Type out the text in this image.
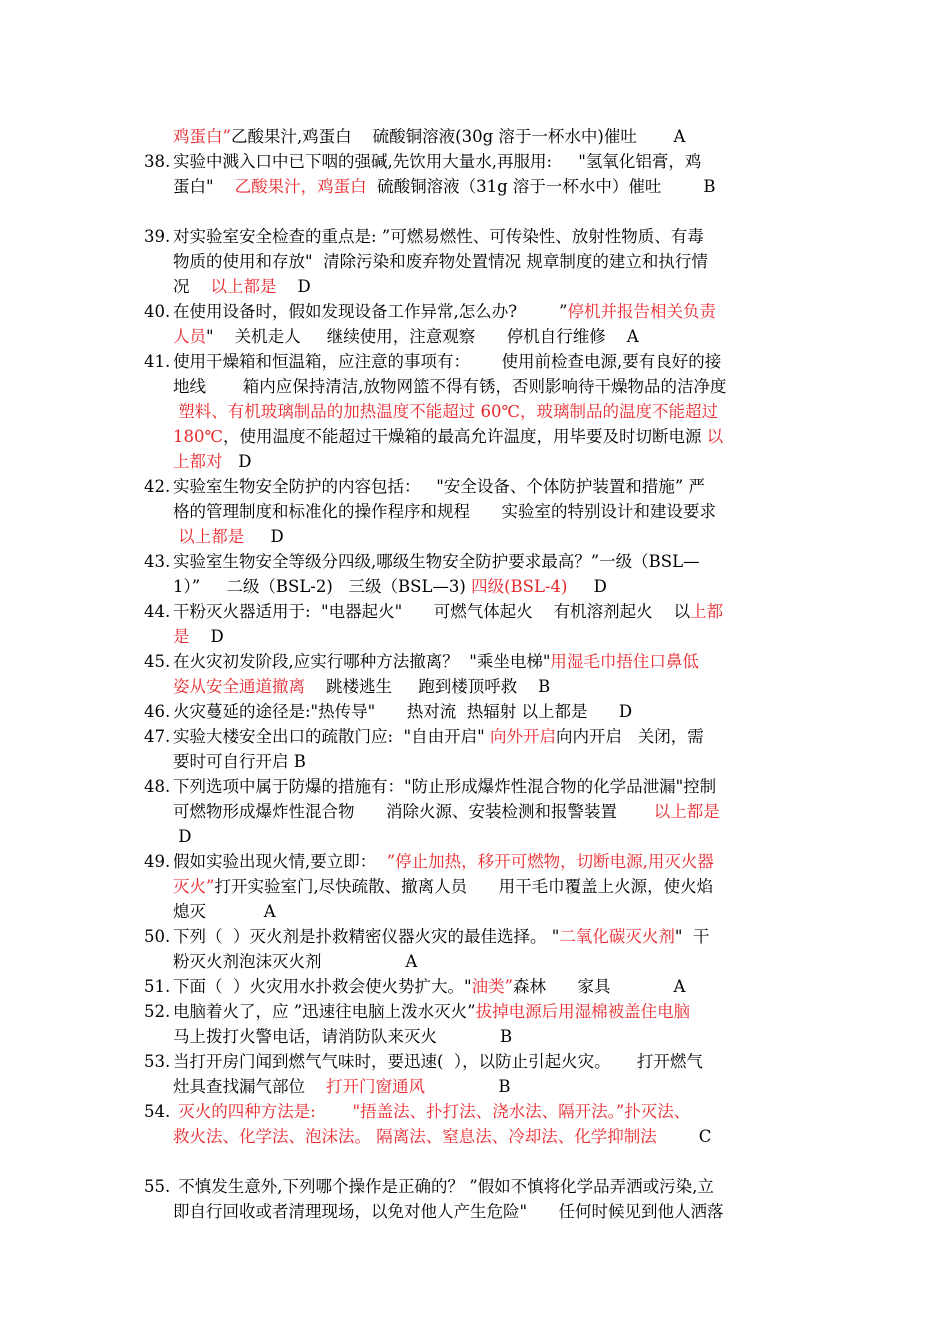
鸡蛋白”乙酸果汁,鸡蛋白    硫酸铜溶液(30g 溶于一杯水中)催吐       A
38. 实验中溅入口中已下咽的强碱,先饮用大量水,再服用:     "氢氧化铝膏，鸡
蛋白"    乙酸果汁，鸡蛋白  硫酸铜溶液（31g 溶于一杯水中）催吐        B
39. 对实验室安全检查的重点是: ”可燃易燃性、可传染性、放射性物质、有毒
物质的使用和存放"  清除污染和废弃物处置情况 规章制度的建立和执行情
况    以上都是    D
40. 在使用设备时，假如发现设备工作异常,怎么办?        ”停机并报告相关负责
人员"    关机走人     继续使用，注意观察      停机自行维修    A
41. 使用干燥箱和恒温箱，应注意的事项有：      使用前检查电源,要有良好的接
地线       箱内应保持清洁,放物网篮不得有锈，否则影响待干燥物品的洁净度
塑料、有机玻璃制品的加热温度不能超过 60℃，玻璃制品的温度不能超过
180℃，使用温度不能超过干燥箱的最高允许温度，用毕要及时切断电源 以
上都对   D
42. 实验室生物安全防护的内容包括：   "安全设备、个体防护装置和措施” 严
格的管理制度和标准化的操作程序和规程      实验室的特别设计和建设要求
以上都是     D
43. 实验室生物安全等级分四级,哪级生物安全防护要求最高？”一级（BSL—
1）”     二级（BSL-2)   三级（BSL—3) 四级(BSL-4)     D
44. 干粉灭火器适用于:  "电器起火"      可燃气体起火    有机溶剂起火    以上都
是    D
45. 在火灾初发阶段,应实行哪种方法撤离？  "乘坐电梯"用湿毛巾捂住口鼻低
姿从安全通道撤离    跳楼逃生     跑到楼顶呼救    B
46. 火灾蔓延的途径是:"热传导"      热对流  热辐射 以上都是      D
47. 实验大楼安全出口的疏散门应:  "自由开启" 向外开启向内开启   关闭，需
要时可自行开启 B
48. 下列选项中属于防爆的措施有："防止形成爆炸性混合物的化学品泄漏"控制
可燃物形成爆炸性混合物      消除火源、安装检测和报警装置       以上都是
D
49. 假如实验出现火情,要立即：  ”停止加热，移开可燃物，切断电源,用灭火器
灭火”打开实验室门,尽快疏散、撤离人员      用干毛巾覆盖上火源，使火焰
熄灭           A
50. 下列（  ）灭火剂是扑救精密仪器火灾的最佳选择。 "二氧化碳灭火剂"  干
粉灭火剂泡沫灭火剂                A
51. 下面（  ）火灾用水扑救会使火势扩大。"油类”森林      家具            A
52. 电脑着火了，应 ”迅速往电脑上泼水灭火”拔掉电源后用湿棉被盖住电脑
马上拨打火警电话，请消防队来灭火            B
53. 当打开房门闻到燃气气味时，要迅速(  ），以防止引起火灾。     打开燃气
灶具查找漏气部位    打开门窗通风              B
54. 灭火的四种方法是:       "捂盖法、扑打法、浇水法、隔开法。”扑灭法、
救火法、化学法、泡沫法。 隔离法、窒息法、冷却法、化学抑制法        C
55. 不慎发生意外,下列哪个操作是正确的？ ”假如不慎将化学品弄洒或污染,立
即自行回收或者清理现场，以免对他人产生危险"      任何时候见到他人洒落
